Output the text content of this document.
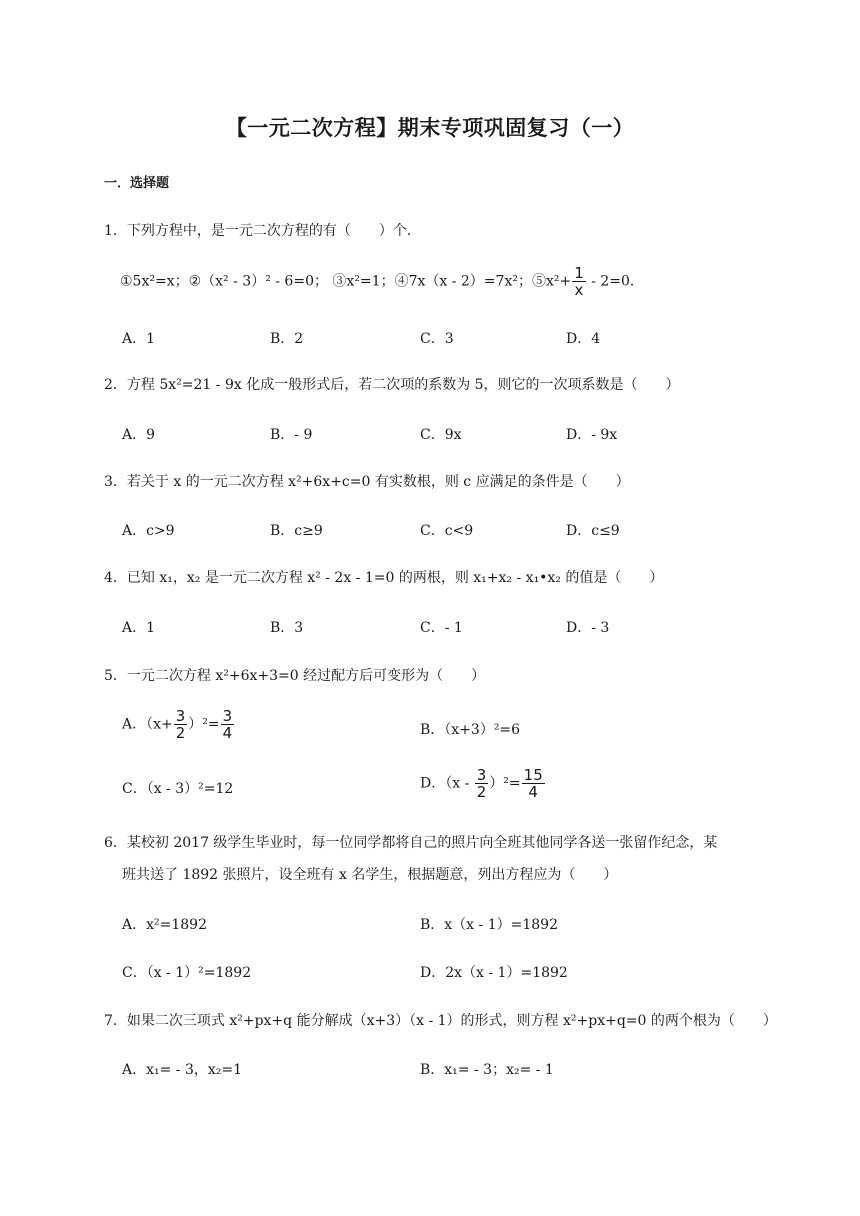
【一元二次方程】期末专项巩固复习（一）
一．选择题
1．下列方程中，是一元二次方程的有（　　）个．
①5x²=x；②（x² - 3）² - 6=0； ③x²=1；④7x（x - 2）=7x²；⑤x²+ $\frac{1}{x} - 2=0$．
A．1	B．2	C．3	D．4
2．方程 5x²=21 - 9x 化成一般形式后，若二次项的系数为 5，则它的一次项系数是（　　）
A．9	B．- 9	C．9x	D．- 9x
3．若关于 x 的一元二次方程 x²+6x+c=0 有实数根，则 c 应满足的条件是（　　）
A．c>9	B．c≥9	C．c<9	D．c≤9
4．已知 x₁，x₂ 是一元二次方程 x² - 2x - 1=0 的两根，则 x₁+x₂ - x₁•x₂ 的值是（　　）
A．1	B．3	C．- 1	D．- 3
5．一元二次方程 x²+6x+3=0 经过配方后可变形为（　　）
A．$(x+ \frac{3}{2} )^2= \frac{3}{4}$	B．（x+3）²=6
C．（x - 3）²=12	D．$(x - \frac{3}{2} )^2= \frac{15}{4}$
6．某校初 2017 级学生毕业时，每一位同学都将自己的照片向全班其他同学各送一张留作纪念，某
班共送了 1892 张照片，设全班有 x 名学生，根据题意，列出方程应为（　　）
A．x²=1892	B．x（x - 1）=1892
C．（x - 1）²=1892	D．2x（x - 1）=1892
7．如果二次三项式 x²+px+q 能分解成（x+3）（x - 1）的形式，则方程 x²+px+q=0 的两个根为（　　）
A．x₁= - 3，x₂=1	B．x₁= - 3；x₂= - 1
